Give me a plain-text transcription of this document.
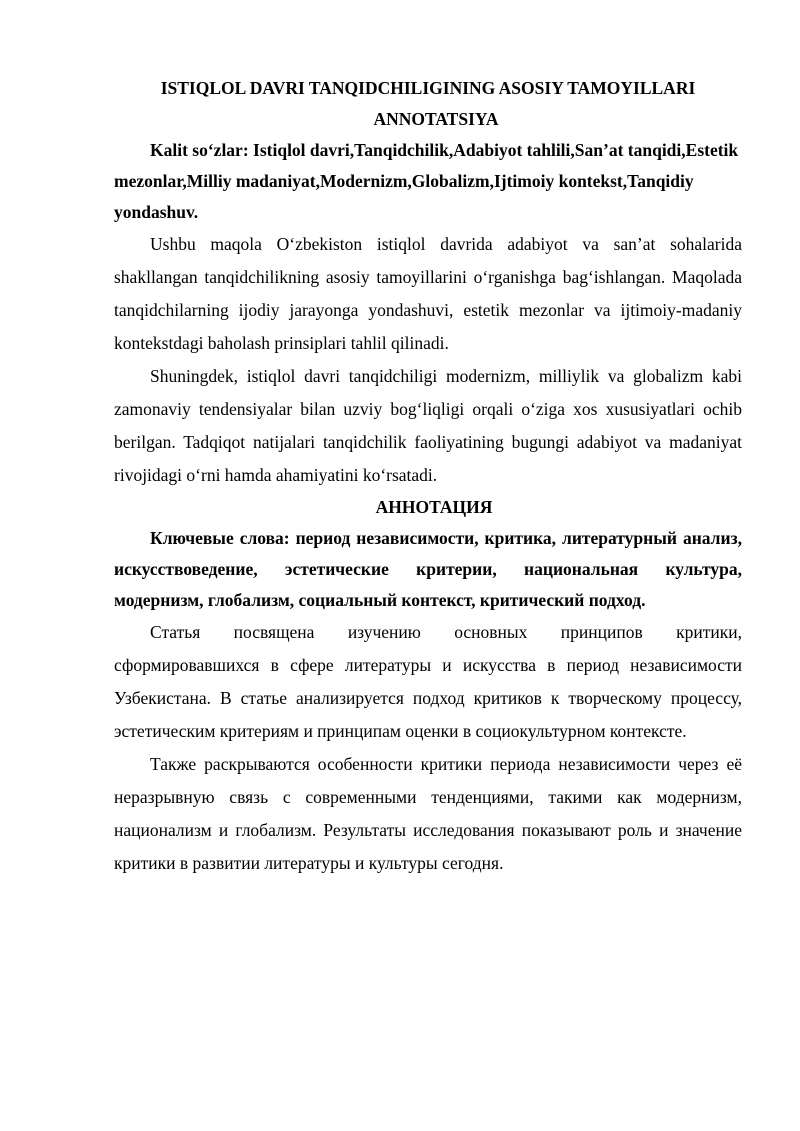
ISTIQLOL DAVRI TANQIDCHILIGINING ASOSIY TAMOYILLARI

ANNOTATSIYA

Kalit so‘zlar: Istiqlol davri,Tanqidchilik,Adabiyot tahlili,San’at tanqidi,Estetik mezonlar,Milliy madaniyat,Modernizm,Globalizm,Ijtimoiy kontekst,Tanqidiy yondashuv.

Ushbu maqola O‘zbekiston istiqlol davrida adabiyot va san’at sohalarida shakllangan tanqidchilikning asosiy tamoyillarini o‘rganishga bag‘ishlangan. Maqolada tanqidchilarning ijodiy jarayonga yondashuvi, estetik mezonlar va ijtimoiy-madaniy kontekstdagi baholash prinsiplari tahlil qilinadi.

Shuningdek, istiqlol davri tanqidchiligi modernizm, milliylik va globalizm kabi zamonaviy tendensiyalar bilan uzviy bog‘liqligi orqali o‘ziga xos xususiyatlari ochib berilgan. Tadqiqot natijalari tanqidchilik faoliyatining bugungi adabiyot va madaniyat rivojidagi o‘rni hamda ahamiyatini ko‘rsatadi.

АННОТАЦИЯ

Ключевые слова: период независимости, критика, литературный анализ, искусствоведение, эстетические критерии, национальная культура, модернизм, глобализм, социальный контекст, критический подход.

Статья посвящена изучению основных принципов критики, сформировавшихся в сфере литературы и искусства в период независимости Узбекистана. В статье анализируется подход критиков к творческому процессу, эстетическим критериям и принципам оценки в социокультурном контексте.

Также раскрываются особенности критики периода независимости через её неразрывную связь с современными тенденциями, такими как модернизм, национализм и глобализм. Результаты исследования показывают роль и значение критики в развитии литературы и культуры сегодня.
